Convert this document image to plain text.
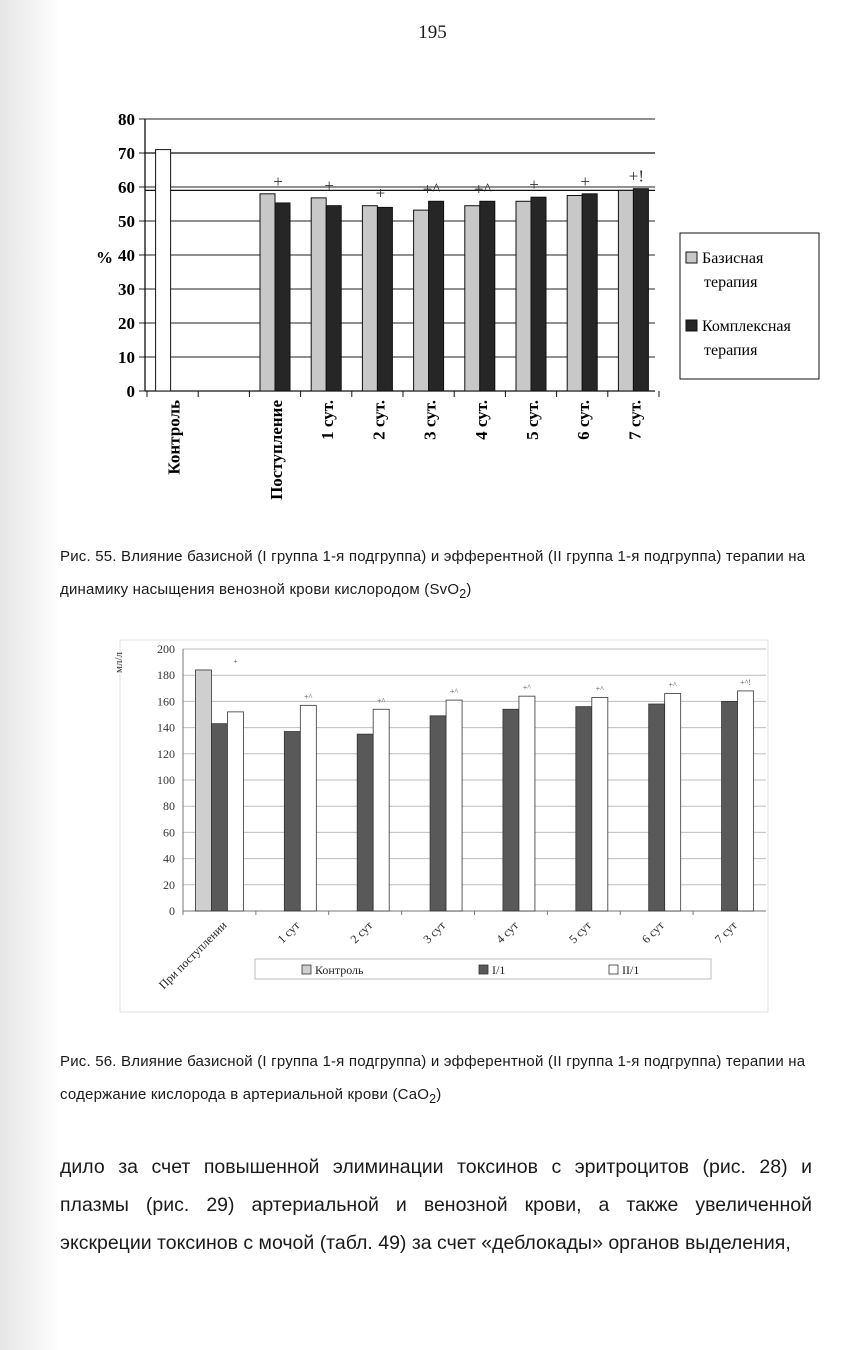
195
0
10
20
30
40
50
60
70
80
%
Контроль
+
Поступление
+
1 сут.
+
2 сут.
+^
3 сут.
+^
4 сут.
+
5 сут.
+
6 сут.
+!
7 сут.
Базисная
терапия
Комплексная
терапия
Рис. 55. Влияние базисной (I группа 1-я подгруппа) и эфферентной (II группа 1-я подгруппа) терапии на динамику насыщения венозной крови кислородом (SvO$_2$)
0
20
40
60
80
100
120
140
160
180
200
мл/л	+
При поступлении
+^
1 сут
+^
2 сут
+^
3 сут
+^
4 сут
+^
5 сут
+^
6 сут
+^!
7 сут
Контроль	I/1	II/1
Рис. 56. Влияние базисной (I группа 1-я подгруппа) и эфферентной (II группа 1-я подгруппа) терапии на содержание кислорода в артериальной крови (CaO$_2$)

дило за счет повышенной элиминации токсинов с эритроцитов (рис. 28) и

плазмы (рис. 29) артериальной и венозной крови, а также увеличенной

экскреции токсинов с мочой (табл. 49) за счет «деблокады» органов выделения,
